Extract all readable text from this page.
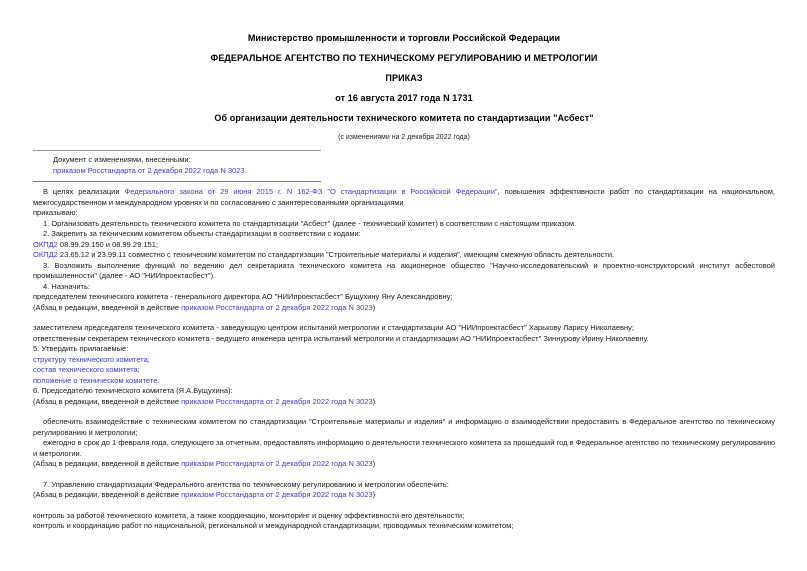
Министерство промышленности и торговли Российской Федерации
ФЕДЕРАЛЬНОЕ АГЕНТСТВО ПО ТЕХНИЧЕСКОМУ РЕГУЛИРОВАНИЮ И МЕТРОЛОГИИ
ПРИКАЗ
от 16 августа 2017 года N 1731
Об организации деятельности технического комитета по стандартизации "Асбест"
(с изменениями на 2 декабря 2022 года)
Документ с изменениями, внесенными:
приказом Росстандарта от 2 декабря 2022 года N 3023.
В целях реализации Федерального закона от 29 июня 2015 г. N 162-ФЗ "О стандартизации в Российской Федерации", повышения эффективности работ по стандартизации на национальном, межгосударственном и международном уровнях и по согласованию с заинтересованными организациями
приказываю:
1. Организовать деятельность технического комитета по стандартизации "Асбест" (далее - технический комитет) в соответствии с настоящим приказом.
2. Закрепить за техническим комитетом объекты стандартизации в соответствии с кодами:
ОКПД2 08.99.29.150 и 08.99.29.151;
ОКПД2 23.65.12 и 23.99.11 совместно с техническим комитетом по стандартизации "Строительные материалы и изделия", имеющим смежную область деятельности.
3. Возложить выполнение функций по ведению дел секретариата технического комитета на акционерное общество "Научно-исследовательский и проектно-конструкторский институт асбестовой промышленности" (далее - АО "НИИпроектасбест").
4. Назначить:
председателем технического комитета - генерального директора АО "НИИпроектасбест" Бущухину Яну Александровну;
(Абзац в редакции, введенной в действие приказом Росстандарта от 2 декабря 2022 года N 3023)
заместителем председателя технического комитета - заведующую центром испытаний метрологии и стандартизации АО "НИИпроектасбест" Харькову Ларису Николаевну;
ответственным секретарем технического комитета - ведущего инженера центра испытаний метрологии и стандартизации АО "НИИпроектасбест" Зиннурову Ирину Николаевну.
5. Утвердить прилагаемые:
структуру технического комитета;
состав технического комитета;
положение о техническом комитете.
6. Председателю технического комитета (Я.А.Бущухина):
(Абзац в редакции, введенной в действие приказом Росстандарта от 2 декабря 2022 года N 3023)
обеспечить взаимодействие с техническим комитетом по стандартизации "Строительные материалы и изделия" и информацию о взаимодействии предоставить в Федеральное агентство по техническому регулированию и метрологии;
ежегодно в срок до 1 февраля года, следующего за отчетным, предоставлять информацию о деятельности технического комитета за прошедший год в Федеральное агентство по техническому регулированию и метрологии.
(Абзац в редакции, введенной в действие приказом Росстандарта от 2 декабря 2022 года N 3023)
7. Управлению стандартизации Федерального агентства по техническому регулированию и метрологии обеспечить:
(Абзац в редакции, введенной в действие приказом Росстандарта от 2 декабря 2022 года N 3023)
контроль за работой технического комитета, а также координацию, мониторинг и оценку эффективности его деятельности;
контроль и координацию работ по национальной, региональной и международной стандартизации, проводимых техническим комитетом;
